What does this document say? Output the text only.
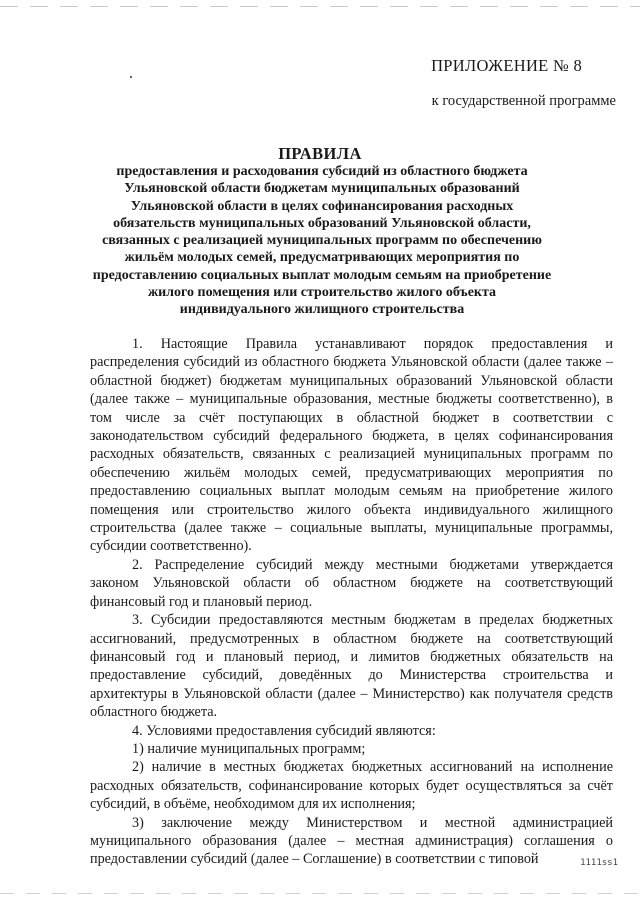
ПРИЛОЖЕНИЕ № 8
к государственной программе
ПРАВИЛА
предоставления и расходования субсидий из областного бюджета Ульяновской области бюджетам муниципальных образований Ульяновской области в целях софинансирования расходных обязательств муниципальных образований Ульяновской области, связанных с реализацией муниципальных программ по обеспечению жильём молодых семей, предусматривающих мероприятия по предоставлению социальных выплат молодым семьям на приобретение жилого помещения или строительство жилого объекта индивидуального жилищного строительства

1. Настоящие Правила устанавливают порядок предоставления и распределения субсидий из областного бюджета Ульяновской области (далее также – областной бюджет) бюджетам муниципальных образований Ульяновской области (далее также – муниципальные образования, местные бюджеты соответственно), в том числе за счёт поступающих в областной бюджет в соответствии с законодательством субсидий федерального бюджета, в целях софинансирования расходных обязательств, связанных с реализацией муниципальных программ по обеспечению жильём молодых семей, предусматривающих мероприятия по предоставлению социальных выплат молодым семьям на приобретение жилого помещения или строительство жилого объекта индивидуального жилищного строительства (далее также – социальные выплаты, муниципальные программы, субсидии соответственно).

2. Распределение субсидий между местными бюджетами утверждается законом Ульяновской области об областном бюджете на соответствующий финансовый год и плановый период.

3. Субсидии предоставляются местным бюджетам в пределах бюджетных ассигнований, предусмотренных в областном бюджете на соответствующий финансовый год и плановый период, и лимитов бюджетных обязательств на предоставление субсидий, доведённых до Министерства строительства и архитектуры в Ульяновской области (далее – Министерство) как получателя средств областного бюджета.

4. Условиями предоставления субсидий являются:

1) наличие муниципальных программ;

2) наличие в местных бюджетах бюджетных ассигнований на исполнение расходных обязательств, софинансирование которых будет осуществляться за счёт субсидий, в объёме, необходимом для их исполнения;

3) заключение между Министерством и местной администрацией муниципального образования (далее – местная администрация) соглашения о предоставлении субсидий (далее – Соглашение) в соответствии с типовой	1111ss1
